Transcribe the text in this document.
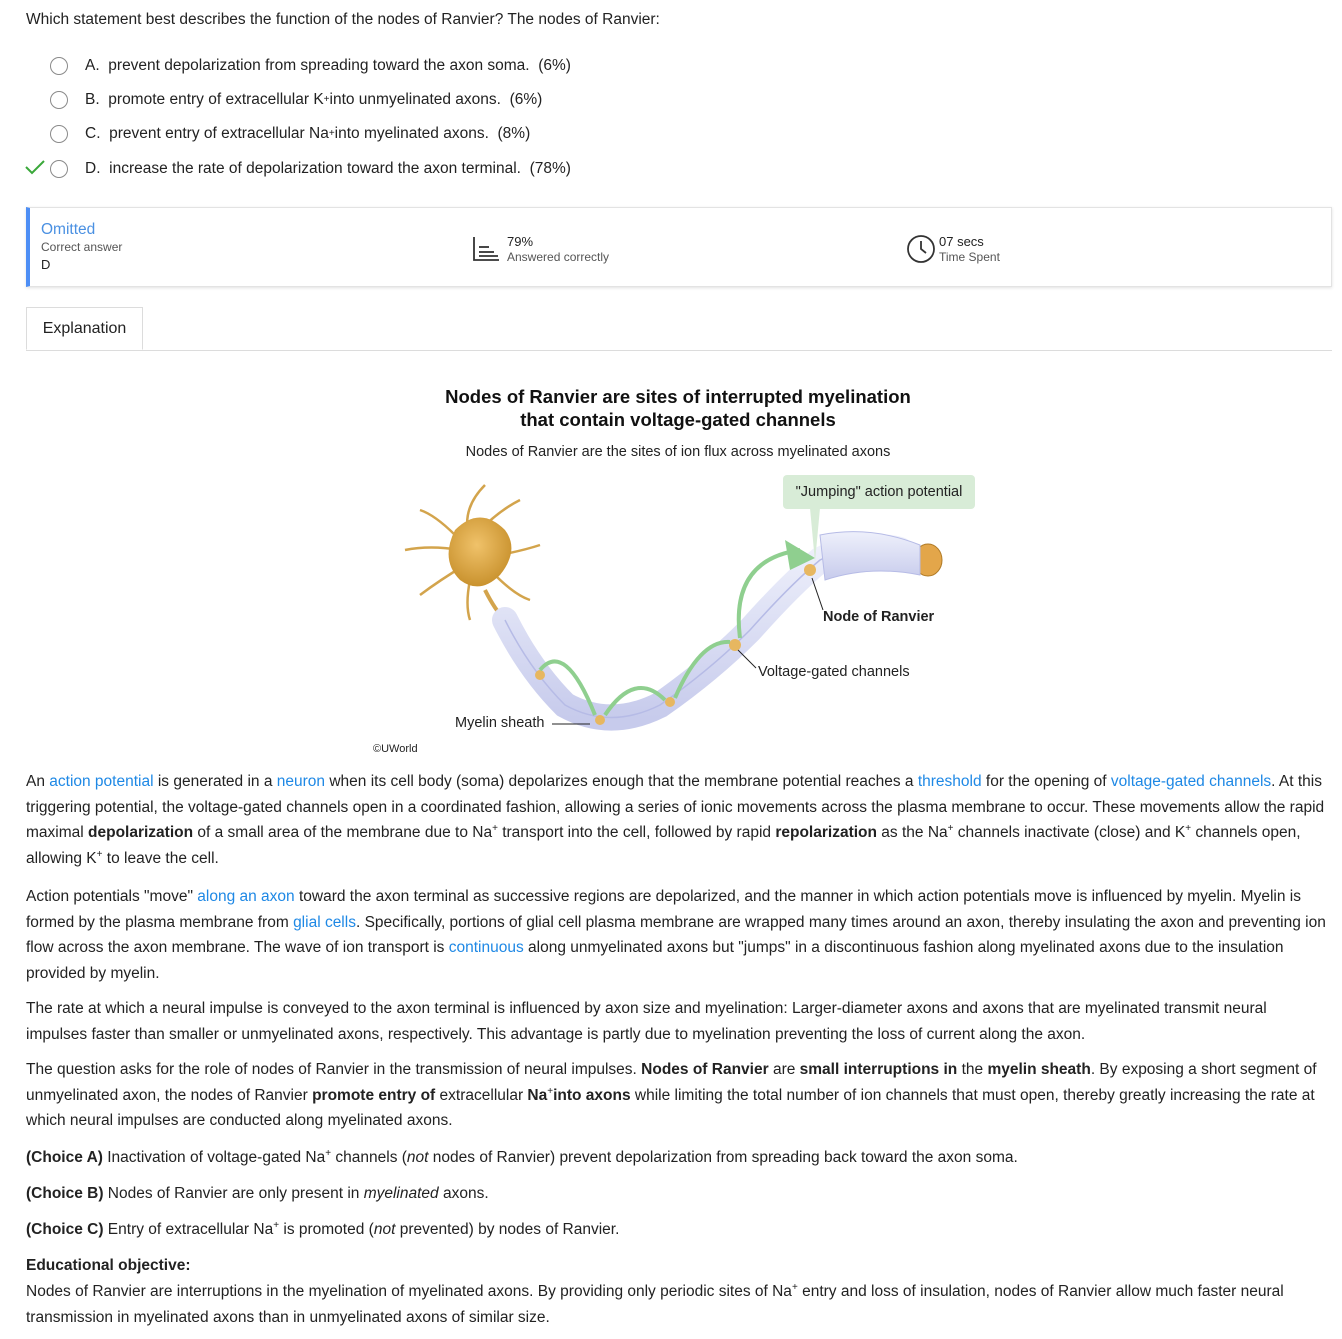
Which statement best describes the function of the nodes of Ranvier? The nodes of Ranvier:
A.
prevent depolarization from spreading toward the axon soma.
(6%)
B.
promote entry of extracellular K + into unmyelinated axons.
(6%)
C.
prevent entry of extracellular Na + into myelinated axons.
(8%)
D.
increase the rate of depolarization toward the axon terminal.
(78%)
Omitted
Correct answer
D
79%
Answered correctly
07 secs
Time Spent
Explanation
Nodes of Ranvier are sites of interrupted myelination
that contain voltage-gated channels
Nodes of Ranvier are the sites of ion flux across myelinated axons
"Jumping" action potential
Node of Ranvier
Voltage-gated channels
Myelin sheath
©UWorld

An action potential is generated in a neuron when its cell body (soma) depolarizes enough that the membrane potential reaches a threshold for the opening of voltage-gated channels. At this triggering potential, the voltage-gated channels open in a coordinated fashion, allowing a series of ionic movements across the plasma membrane to occur. These movements allow the rapid maximal depolarization of a small area of the membrane due to Na+ transport into the cell, followed by rapid repolarization as the Na+ channels inactivate (close) and K+ channels open, allowing K+ to leave the cell.

Action potentials "move" along an axon toward the axon terminal as successive regions are depolarized, and the manner in which action potentials move is influenced by myelin. Myelin is formed by the plasma membrane from glial cells. Specifically, portions of glial cell plasma membrane are wrapped many times around an axon, thereby insulating the axon and preventing ion flow across the axon membrane. The wave of ion transport is continuous along unmyelinated axons but "jumps" in a discontinuous fashion along myelinated axons due to the insulation provided by myelin.

The rate at which a neural impulse is conveyed to the axon terminal is influenced by axon size and myelination: Larger-diameter axons and axons that are myelinated transmit neural impulses faster than smaller or unmyelinated axons, respectively. This advantage is partly due to myelination preventing the loss of current along the axon.

The question asks for the role of nodes of Ranvier in the transmission of neural impulses. Nodes of Ranvier are small interruptions in the myelin sheath. By exposing a short segment of unmyelinated axon, the nodes of Ranvier promote entry of extracellular Na+into axons while limiting the total number of ion channels that must open, thereby greatly increasing the rate at which neural impulses are conducted along myelinated axons.

(Choice A) Inactivation of voltage-gated Na+ channels (not nodes of Ranvier) prevent depolarization from spreading back toward the axon soma.

(Choice B) Nodes of Ranvier are only present in myelinated axons.

(Choice C) Entry of extracellular Na+ is promoted (not prevented) by nodes of Ranvier.

Educational objective:

Nodes of Ranvier are interruptions in the myelination of myelinated axons. By providing only periodic sites of Na+ entry and loss of insulation, nodes of Ranvier allow much faster neural transmission in myelinated axons than in unmyelinated axons of similar size.
